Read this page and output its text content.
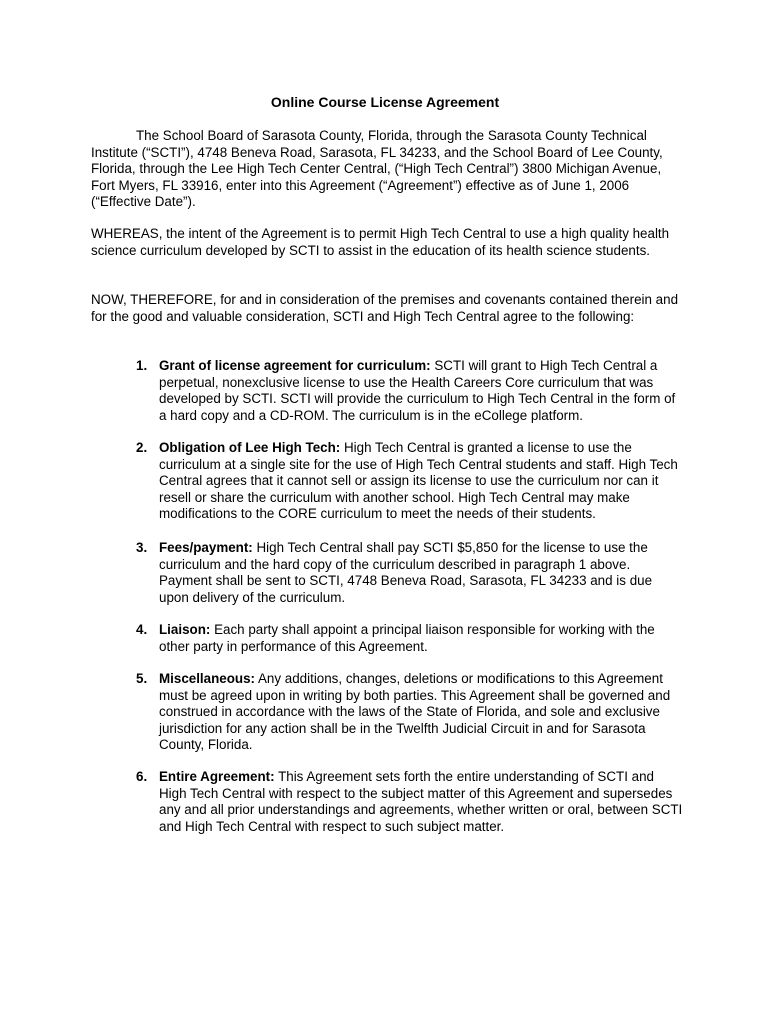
Online Course License Agreement

The School Board of Sarasota County, Florida, through the Sarasota County Technical Institute (“SCTI”), 4748 Beneva Road, Sarasota, FL 34233, and the School Board of Lee County, Florida, through the Lee High Tech Center Central, (“High Tech Central”) 3800 Michigan Avenue, Fort Myers, FL 33916, enter into this Agreement (“Agreement”) effective as of June 1, 2006 (“Effective Date”).

WHEREAS, the intent of the Agreement is to permit High Tech Central to use a high quality health science curriculum developed by SCTI to assist in the education of its health science students.

NOW, THEREFORE, for and in consideration of the premises and covenants contained therein and for the good and valuable consideration, SCTI and High Tech Central agree to the following:

1. Grant of license agreement for curriculum: SCTI will grant to High Tech Central a perpetual, nonexclusive license to use the Health Careers Core curriculum that was developed by SCTI. SCTI will provide the curriculum to High Tech Central in the form of a hard copy and a CD-ROM. The curriculum is in the eCollege platform.
2. Obligation of Lee High Tech: High Tech Central is granted a license to use the curriculum at a single site for the use of High Tech Central students and staff. High Tech Central agrees that it cannot sell or assign its license to use the curriculum nor can it resell or share the curriculum with another school. High Tech Central may make modifications to the CORE curriculum to meet the needs of their students.
3. Fees/payment: High Tech Central shall pay SCTI $5,850 for the license to use the curriculum and the hard copy of the curriculum described in paragraph 1 above. Payment shall be sent to SCTI, 4748 Beneva Road, Sarasota, FL 34233 and is due upon delivery of the curriculum.
4. Liaison: Each party shall appoint a principal liaison responsible for working with the other party in performance of this Agreement.
5. Miscellaneous: Any additions, changes, deletions or modifications to this Agreement must be agreed upon in writing by both parties. This Agreement shall be governed and construed in accordance with the laws of the State of Florida, and sole and exclusive jurisdiction for any action shall be in the Twelfth Judicial Circuit in and for Sarasota County, Florida.
6. Entire Agreement: This Agreement sets forth the entire understanding of SCTI and High Tech Central with respect to the subject matter of this Agreement and supersedes any and all prior understandings and agreements, whether written or oral, between SCTI and High Tech Central with respect to such subject matter.
